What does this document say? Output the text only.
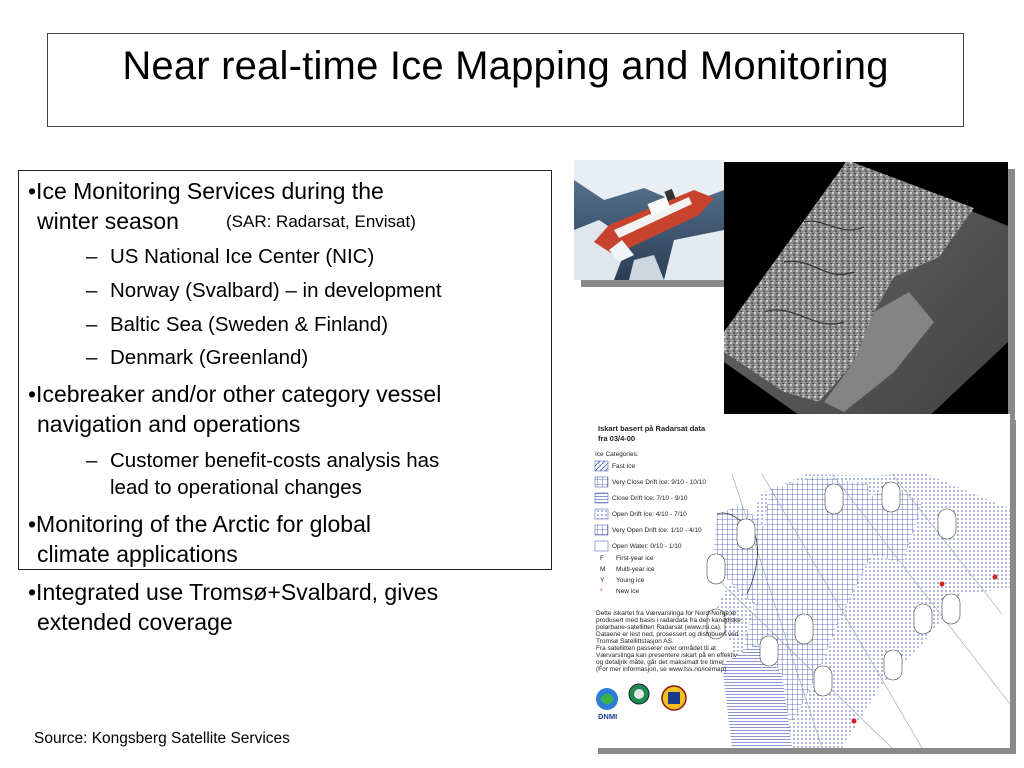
Near real-time Ice Mapping and Monitoring
•Ice Monitoring Services during the
winter season	(SAR: Radarsat, Envisat)
– US National Ice Center (NIC)
– Norway (Svalbard) – in development
– Baltic Sea (Sweden & Finland)
– Denmark (Greenland)
•Icebreaker and/or other category vessel
navigation and operations
– Customer benefit-costs analysis has
lead to operational changes
•Monitoring of the Arctic for global
climate applications
•Integrated use Tromsø+Svalbard, gives
extended coverage
Iskart basert på Radarsat data
fra 03/4-00
Ice Categories:
Fast Ice
Very Close Drift Ice: 9/10 - 10/10
Close Drift Ice: 7/10 - 9/10
Open Drift Ice: 4/10 - 7/10
Very Open Drift Ice: 1/10 - 4/10
Open Water: 0/10 - 1/10
F First-year ice
M Multi-year ice
Y Young ice
* New ice
Dette iskartet fra Værvarslinga for Nord-Norge er
produsert med basis i radardata fra den kanadiske
polarbane-satellitten Radarsat (www.rsi.ca).
Dataene er lest ned, prosessert og distribuert ved
Tromsø Satellittstasjon AS.
Fra satellitten passerer over området til at
Værvarslinga kan presentere iskart på en effektiv
og detaljrik måte, går det maksimalt tre timer
(For mer informasjon, se www.tss.no/icemap)
DNMI
Source: Kongsberg Satellite Services
